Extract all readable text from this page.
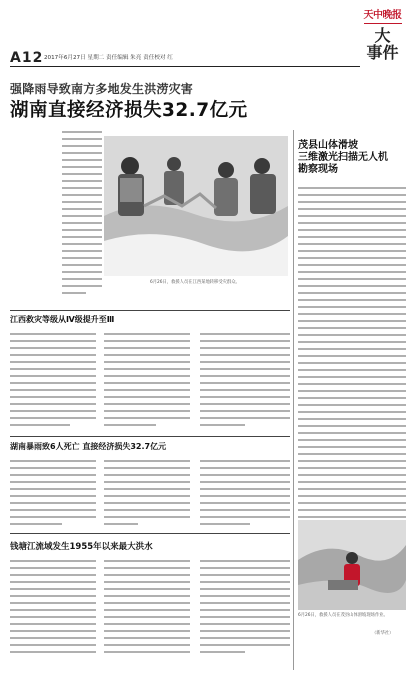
A12 2017年6月27日 星期二 责任编辑 朱亮 责任校对 红
天中晚报
大
事件
强降雨导致南方多地发生洪涝灾害
湖南直接经济损失32.7亿元
6月26日，救援人员在江西某地转移受灾群众。
江西救灾等级从Ⅳ级提升至Ⅲ
湖南暴雨致6人死亡 直接经济损失32.7亿元
钱塘江流域发生1955年以来最大洪水
茂县山体滑坡
三维激光扫描无人机
勘察现场
6月26日，救援人员在茂县山体滑坡现场作业。
（新华社）
